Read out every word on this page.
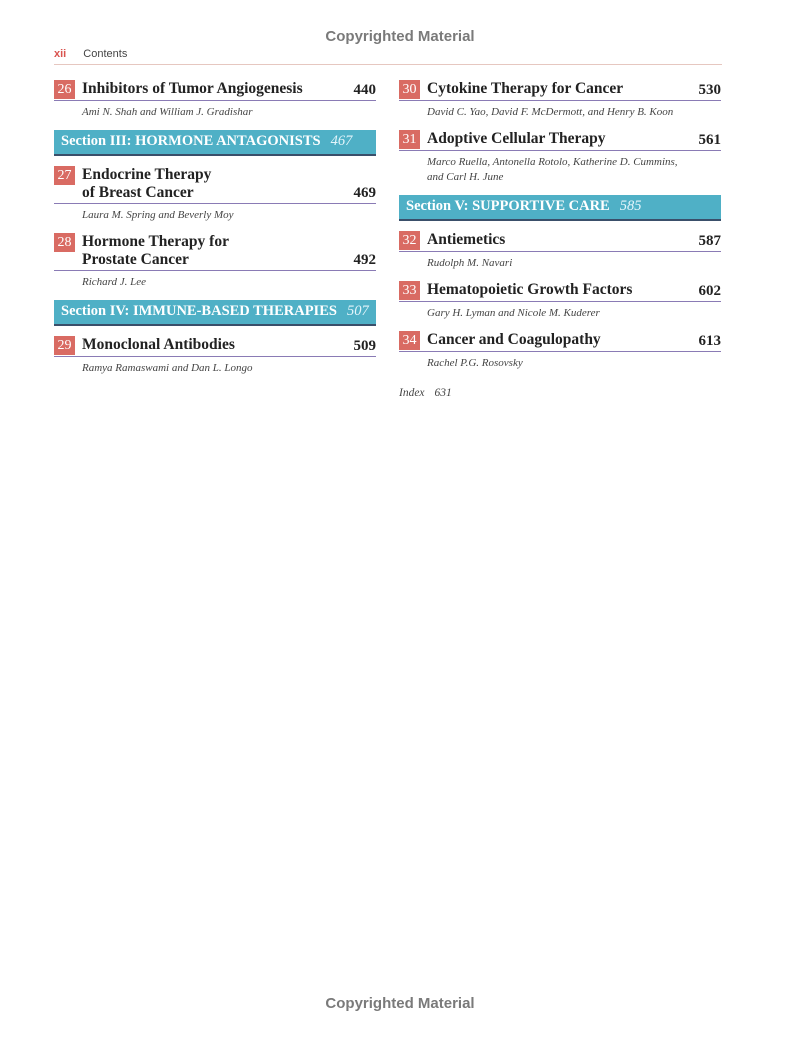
Copyrighted Material
xii Contents
26 Inhibitors of Tumor Angiogenesis	440
Ami N. Shah and William J. Gradishar
Section III: HORMONE ANTAGONISTS 467
27 Endocrine Therapy
of Breast Cancer	469
Laura M. Spring and Beverly Moy
28 Hormone Therapy for
Prostate Cancer	492
Richard J. Lee
Section IV: IMMUNE-BASED THERAPIES 507
29 Monoclonal Antibodies	509
Ramya Ramaswami and Dan L. Longo
30 Cytokine Therapy for Cancer	530
David C. Yao, David F. McDermott, and Henry B. Koon
31 Adoptive Cellular Therapy	561
Marco Ruella, Antonella Rotolo, Katherine D. Cummins,
and Carl H. June
Section V: SUPPORTIVE CARE 585
32 Antiemetics	587
Rudolph M. Navari
33 Hematopoietic Growth Factors	602
Gary H. Lyman and Nicole M. Kuderer
34 Cancer and Coagulopathy	613
Rachel P.G. Rosovsky
Index 631
Copyrighted Material
